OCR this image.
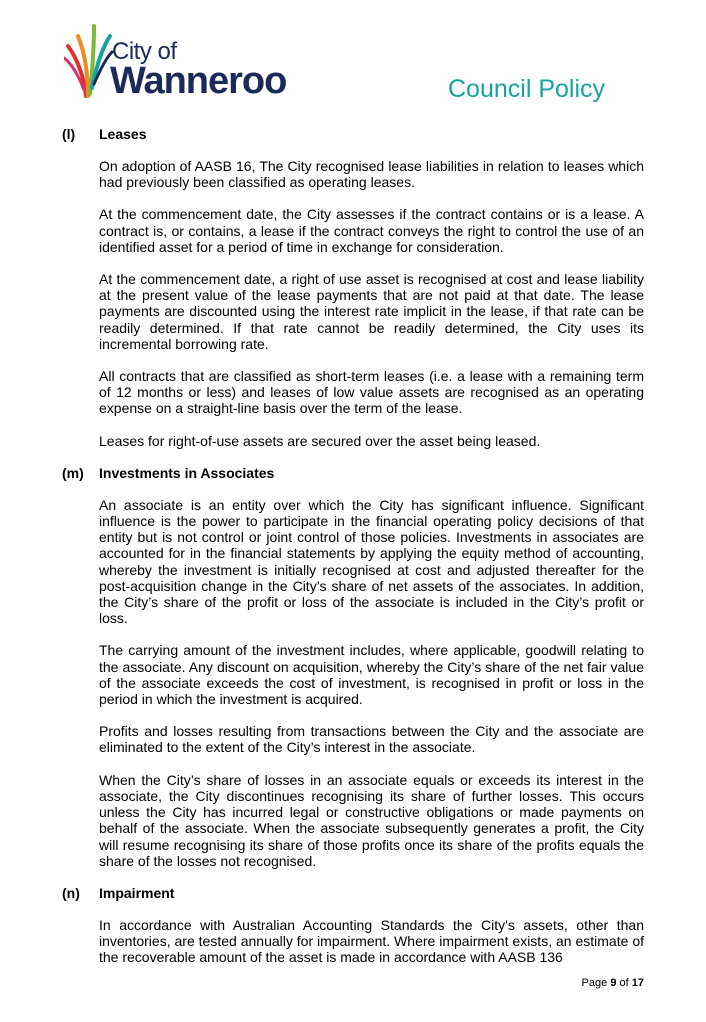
City of
Wanneroo	Council Policy
(l)	Leases

On adoption of AASB 16, The City recognised lease liabilities in relation to leases which had previously been classified as operating leases.

At the commencement date, the City assesses if the contract contains or is a lease. A contract is, or contains, a lease if the contract conveys the right to control the use of an identified asset for a period of time in exchange for consideration.

At the commencement date, a right of use asset is recognised at cost and lease liability at the present value of the lease payments that are not paid at that date. The lease payments are discounted using the interest rate implicit in the lease, if that rate can be readily determined. If that rate cannot be readily determined, the City uses its incremental borrowing rate.

All contracts that are classified as short-term leases (i.e. a lease with a remaining term of 12 months or less) and leases of low value assets are recognised as an operating expense on a straight-line basis over the term of the lease.

Leases for right-of-use assets are secured over the asset being leased.

(m)	Investments in Associates

An associate is an entity over which the City has significant influence. Significant influence is the power to participate in the financial operating policy decisions of that entity but is not control or joint control of those policies. Investments in associates are accounted for in the financial statements by applying the equity method of accounting, whereby the investment is initially recognised at cost and adjusted thereafter for the post-acquisition change in the City’s share of net assets of the associates. In addition, the City’s share of the profit or loss of the associate is included in the City’s profit or loss.

The carrying amount of the investment includes, where applicable, goodwill relating to the associate. Any discount on acquisition, whereby the City’s share of the net fair value of the associate exceeds the cost of investment, is recognised in profit or loss in the period in which the investment is acquired.

Profits and losses resulting from transactions between the City and the associate are eliminated to the extent of the City’s interest in the associate.

When the City’s share of losses in an associate equals or exceeds its interest in the associate, the City discontinues recognising its share of further losses. This occurs unless the City has incurred legal or constructive obligations or made payments on behalf of the associate. When the associate subsequently generates a profit, the City will resume recognising its share of those profits once its share of the profits equals the share of the losses not recognised.

(n)	Impairment

In accordance with Australian Accounting Standards the City's assets, other than inventories, are tested annually for impairment. Where impairment exists, an estimate of the recoverable amount of the asset is made in accordance with AASB 136

Page 9 of 17
